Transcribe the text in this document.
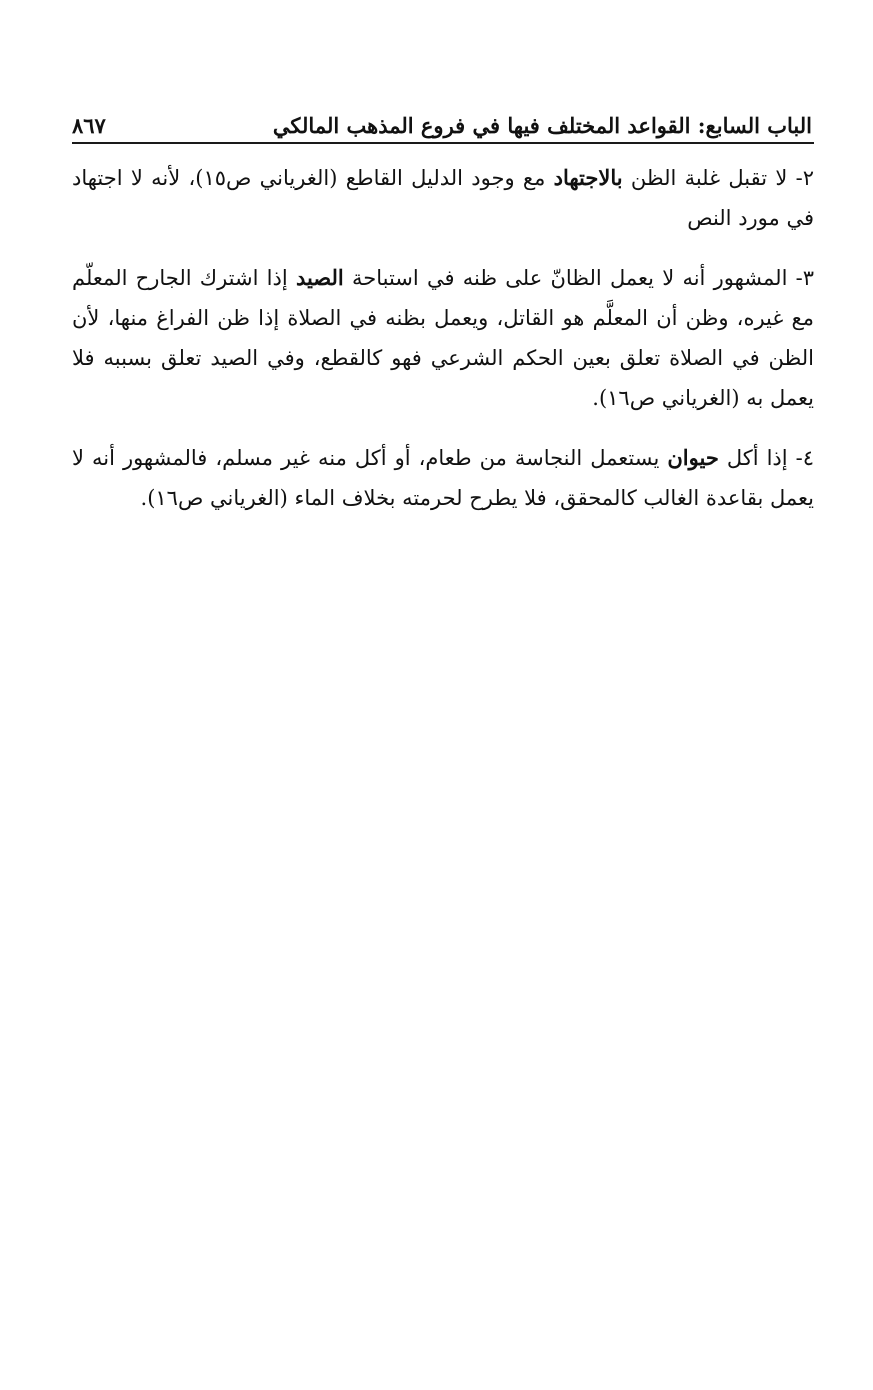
الباب السابع: القواعد المختلف فيها في فروع المذهب المالكي
٨٦٧

٢- لا تقبل غلبة الظن بالاجتهاد مع وجود الدليل القاطع (الغرياني ص١٥)، لأنه لا اجتهاد في مورد النص

٣- المشهور أنه لا يعمل الظانّ على ظنه في استباحة الصيد إذا اشترك الجارح المعلّم مع غيره، وظن أن المعلَّم هو القاتل، ويعمل بظنه في الصلاة إذا ظن الفراغ منها، لأن الظن في الصلاة تعلق بعين الحكم الشرعي فهو كالقطع، وفي الصيد تعلق بسببه فلا يعمل به (الغرياني ص١٦).

٤- إذا أكل حيوان يستعمل النجاسة من طعام، أو أكل منه غير مسلم، فالمشهور أنه لا يعمل بقاعدة الغالب كالمحقق، فلا يطرح لحرمته بخلاف الماء (الغرياني ص١٦).
